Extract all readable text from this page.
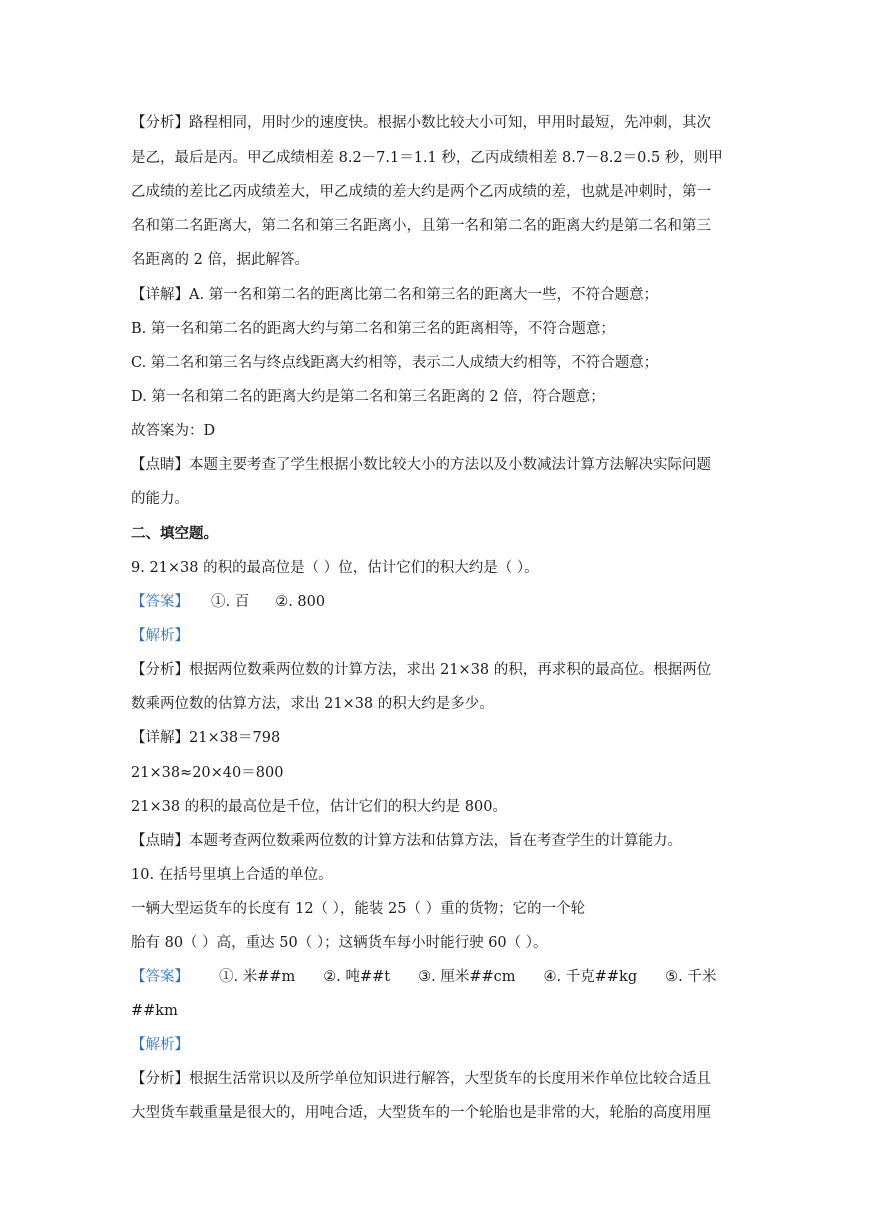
【分析】路程相同，用时少的速度快。根据小数比较大小可知，甲用时最短，先冲刺，其次
是乙，最后是丙。甲乙成绩相差 8.2－7.1＝1.1 秒，乙丙成绩相差 8.7－8.2＝0.5 秒，则甲
乙成绩的差比乙丙成绩差大，甲乙成绩的差大约是两个乙丙成绩的差，也就是冲刺时，第一
名和第二名距离大，第二名和第三名距离小，且第一名和第二名的距离大约是第二名和第三
名距离的 2 倍，据此解答。
【详解】A. 第一名和第二名的距离比第二名和第三名的距离大一些，不符合题意；
B. 第一名和第二名的距离大约与第二名和第三名的距离相等，不符合题意；
C. 第二名和第三名与终点线距离大约相等，表示二人成绩大约相等，不符合题意；
D. 第一名和第二名的距离大约是第二名和第三名距离的 2 倍，符合题意；
故答案为：D
【点睛】本题主要考查了学生根据小数比较大小的方法以及小数减法计算方法解决实际问题
的能力。
二、填空题。
9. 21×38 的积的最高位是（ ）位，估计它们的积大约是（ ）。
【答案】 ①. 百 ②. 800
【解析】
【分析】根据两位数乘两位数的计算方法，求出 21×38 的积，再求积的最高位。根据两位
数乘两位数的估算方法，求出 21×38 的积大约是多少。
【详解】21×38＝798
21×38≈20×40＝800
21×38 的积的最高位是千位，估计它们的积大约是 800。
【点睛】本题考查两位数乘两位数的计算方法和估算方法，旨在考查学生的计算能力。
10. 在括号里填上合适的单位。
一辆大型运货车的长度有 12（ ），能装 25（ ）重的货物；它的一个轮
胎有 80（ ）高，重达 50（ ）；这辆货车每小时能行驶 60（ ）。
【答案】 ①. 米##m ②. 吨##t ③. 厘米##cm ④. 千克##kg ⑤. 千米
##km
【解析】
【分析】根据生活常识以及所学单位知识进行解答，大型货车的长度用米作单位比较合适且
大型货车载重量是很大的，用吨合适，大型货车的一个轮胎也是非常的大，轮胎的高度用厘
